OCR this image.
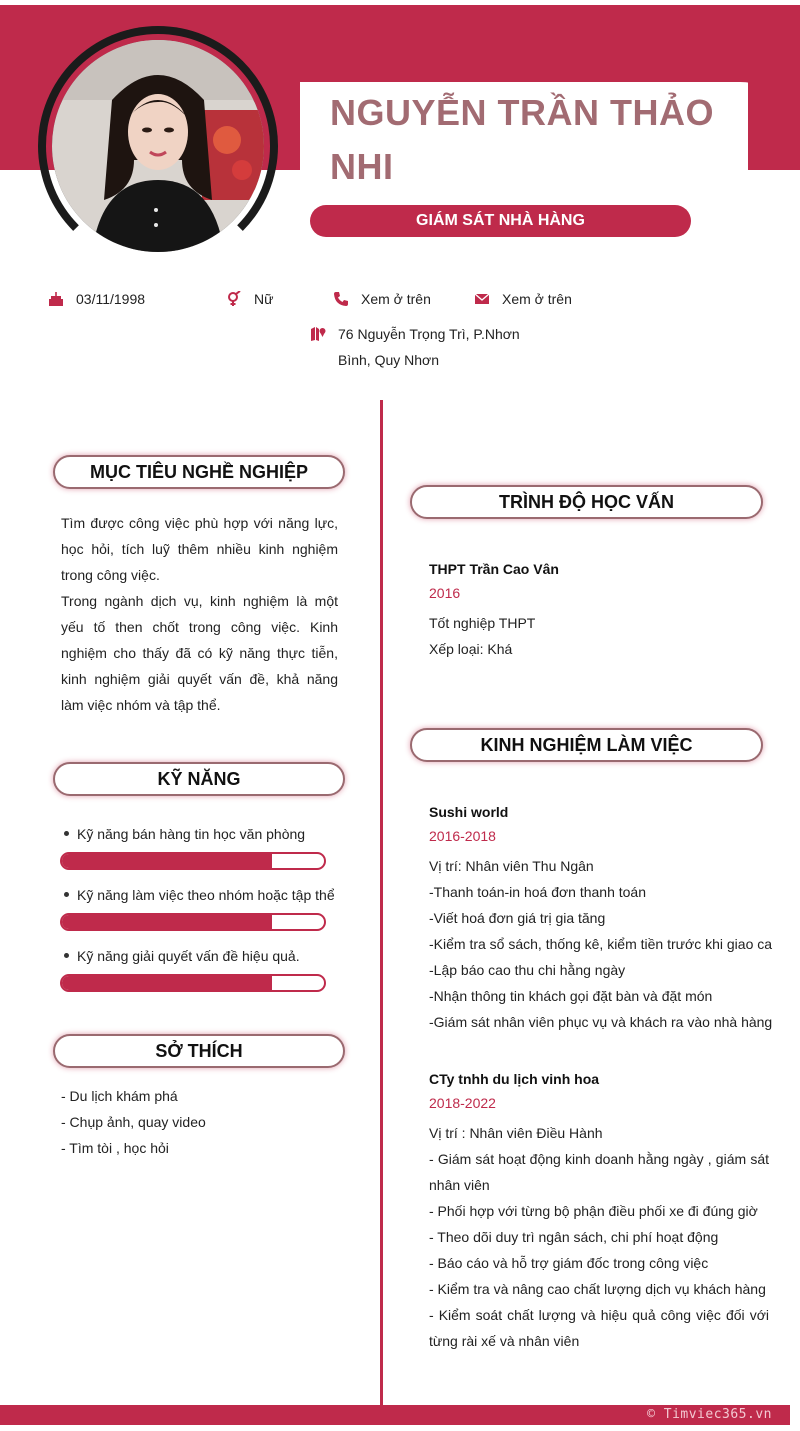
NGUYỄN TRẦN THẢO
NHI
GIÁM SÁT NHÀ HÀNG
03/11/1998	Nữ	Xem ở trên	Xem ở trên
76 Nguyễn Trọng Trì, P.Nhơn
Bình, Quy Nhơn
MỤC TIÊU NGHỀ NGHIỆP
Tìm được công việc phù hợp với năng lực, học hỏi, tích luỹ thêm nhiều kinh nghiệm trong công việc.
Trong ngành dịch vụ, kinh nghiệm là một yếu tố then chốt trong công việc. Kinh nghiệm cho thấy đã có kỹ năng thực tiễn, kinh nghiệm giải quyết vấn đề, khả năng làm việc nhóm và tập thể.
KỸ NĂNG
Kỹ năng bán hàng tin học văn phòng
Kỹ năng làm việc theo nhóm hoặc tập thể
Kỹ năng giải quyết vấn đề hiệu quả.
SỞ THÍCH
- Du lịch khám phá
- Chụp ảnh, quay video
- Tìm tòi , học hỏi
TRÌNH ĐỘ HỌC VẤN
THPT Trần Cao Vân
2016
Tốt nghiệp THPT
Xếp loại: Khá
KINH NGHIỆM LÀM VIỆC
Sushi world
2016-2018
Vị trí: Nhân viên Thu Ngân
-Thanh toán-in hoá đơn thanh toán
-Viết hoá đơn giá trị gia tăng
-Kiểm tra sổ sách, thống kê, kiểm tiền trước khi giao ca
-Lập báo cao thu chi hằng ngày
-Nhận thông tin khách gọi đặt bàn và đặt món
-Giám sát nhân viên phục vụ và khách ra vào nhà hàng
CTy tnhh du lịch vinh hoa
2018-2022
Vị trí : Nhân viên Điều Hành
- Giám sát hoạt động kinh doanh hằng ngày , giám sát nhân viên
- Phối hợp với từng bộ phận điều phối xe đi đúng giờ
- Theo dõi duy trì ngân sách, chi phí hoạt động
- Báo cáo và hỗ trợ giám đốc trong công việc
- Kiểm tra và nâng cao chất lượng dịch vụ khách hàng
- Kiểm soát chất lượng và hiệu quả công việc đối với từng rài xế và nhân viên
© Timviec365.vn
